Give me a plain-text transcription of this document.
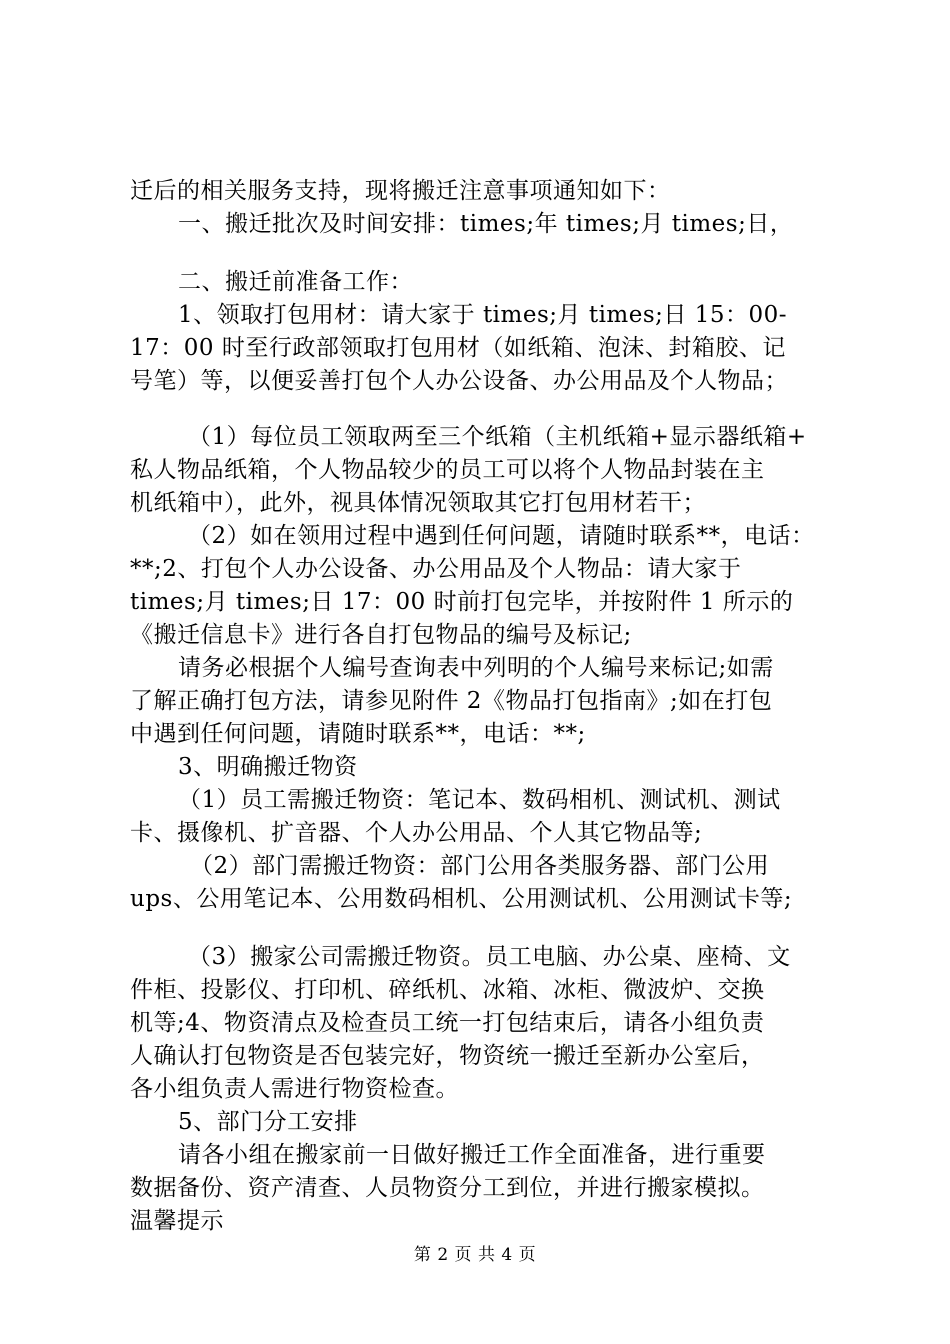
迁后的相关服务支持，现将搬迁注意事项通知如下：
一、搬迁批次及时间安排：times;年 times;月 times;日，
二、搬迁前准备工作：
1、领取打包用材：请大家于 times;月 times;日 15：00-
17：00 时至行政部领取打包用材（如纸箱、泡沫、封箱胶、记
号笔）等，以便妥善打包个人办公设备、办公用品及个人物品；
（1）每位员工领取两至三个纸箱（主机纸箱+显示器纸箱+
私人物品纸箱，个人物品较少的员工可以将个人物品封装在主
机纸箱中），此外，视具体情况领取其它打包用材若干；
（2）如在领用过程中遇到任何问题，请随时联系**，电话：
**;2、打包个人办公设备、办公用品及个人物品：请大家于
times;月 times;日 17：00 时前打包完毕，并按附件 1 所示的
《搬迁信息卡》进行各自打包物品的编号及标记;
请务必根据个人编号查询表中列明的个人编号来标记;如需
了解正确打包方法，请参见附件 2《物品打包指南》;如在打包
中遇到任何问题，请随时联系**，电话：**;
3、明确搬迁物资
（1）员工需搬迁物资：笔记本、数码相机、测试机、测试
卡、摄像机、扩音器、个人办公用品、个人其它物品等;
（2）部门需搬迁物资：部门公用各类服务器、部门公用
ups、公用笔记本、公用数码相机、公用测试机、公用测试卡等;
（3）搬家公司需搬迁物资。员工电脑、办公桌、座椅、文
件柜、投影仪、打印机、碎纸机、冰箱、冰柜、微波炉、交换
机等;4、物资清点及检查员工统一打包结束后，请各小组负责
人确认打包物资是否包装完好，物资统一搬迁至新办公室后，
各小组负责人需进行物资检查。
5、部门分工安排
请各小组在搬家前一日做好搬迁工作全面准备，进行重要
数据备份、资产清查、人员物资分工到位，并进行搬家模拟。
温馨提示
第 2 页 共 4 页
